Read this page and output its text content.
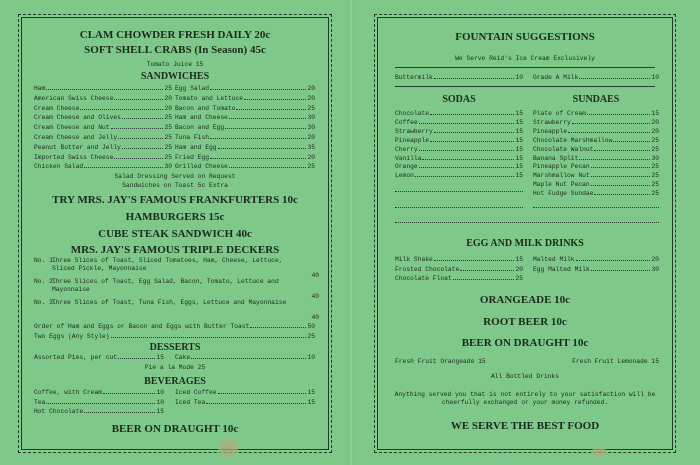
CLAM CHOWDER FRESH DAILY 20c
SOFT SHELL CRABS (In Season) 45c
Tomato Juice 15
SANDWICHES
Ham	25
American Swiss Cheese	20
Cream Cheese	20
Cream Cheese and Olives	25
Cream Cheese and Nut	25
Cream Cheese and Jelly	25
Peanut Butter and Jelly	25
Imported Swiss Cheese	25
Chicken Salad	30
Egg Salad	20
Tomato and Lettuce	20
Bacon and Tomato	25
Ham and Cheese	30
Bacon and Egg	30
Tuna Fish	20
Ham and Egg	35
Fried Egg	20
Grilled Cheese	25
Salad Dressing Served on Request
Sandwiches on Toast 5c Extra
TRY MRS. JAY'S FAMOUS FRANKFURTERS 10c
HAMBURGERS 15c
CUBE STEAK SANDWICH 40c
MRS. JAY'S FAMOUS TRIPLE DECKERS
No. 1.
Three Slices of Toast, Sliced Tomatoes, Ham, Cheese, Lettuce, Sliced Pickle, Mayonnaise
40
No. 2.
Three Slices of Toast, Egg Salad, Bacon, Tomato, Lettuce and Mayonnaise
40
No. 3.
Three Slices of Toast, Tuna Fish, Eggs, Lettuce and Mayonnaise
40
Order of Ham and Eggs or Bacon and Eggs with Butter Toast	50
Two Eggs (Any Style)	25
DESSERTS
Assorted Pies, per cut	15 Cake	10
Pie a la Mode 25
BEVERAGES
Coffee, with Cream	10
Tea	10
Hot Chocolate	15
Iced Coffee	15
Iced Tea	15
BEER ON DRAUGHT 10c
FOUNTAIN SUGGESTIONS
We Serve Reid's Ice Cream Exclusively
Buttermilk	10 Grade A Milk	10
SODAS	SUNDAES
Chocolate	15
Coffee	15
Strawberry	15
Pineapple	15
Cherry	15
Vanilla	15
Orange	15
Lemon	15
Plate of Cream	15
Strawberry	20
Pineapple	20
Chocolate Marshmallow	25
Chocolate Walnut	25
Banana Split	30
Pineapple Pecan	25
Marshmallow Nut	25
Maple Nut Pecan	25
Hot Fudge Sundae	25
EGG AND MILK DRINKS
Milk Shake	15
Frosted Chocolate	20
Chocolate Float	25
Malted Milk	20
Egg Malted Milk	30
ORANGEADE 10c
ROOT BEER 10c
BEER ON DRAUGHT 10c
Fresh Fruit Orangeade 15	Fresh Fruit Lemonade 15
All Bottled Drinks
Anything served you that is not entirely to your satisfaction will be cheerfully exchanged or your money refunded.
WE SERVE THE BEST FOOD
